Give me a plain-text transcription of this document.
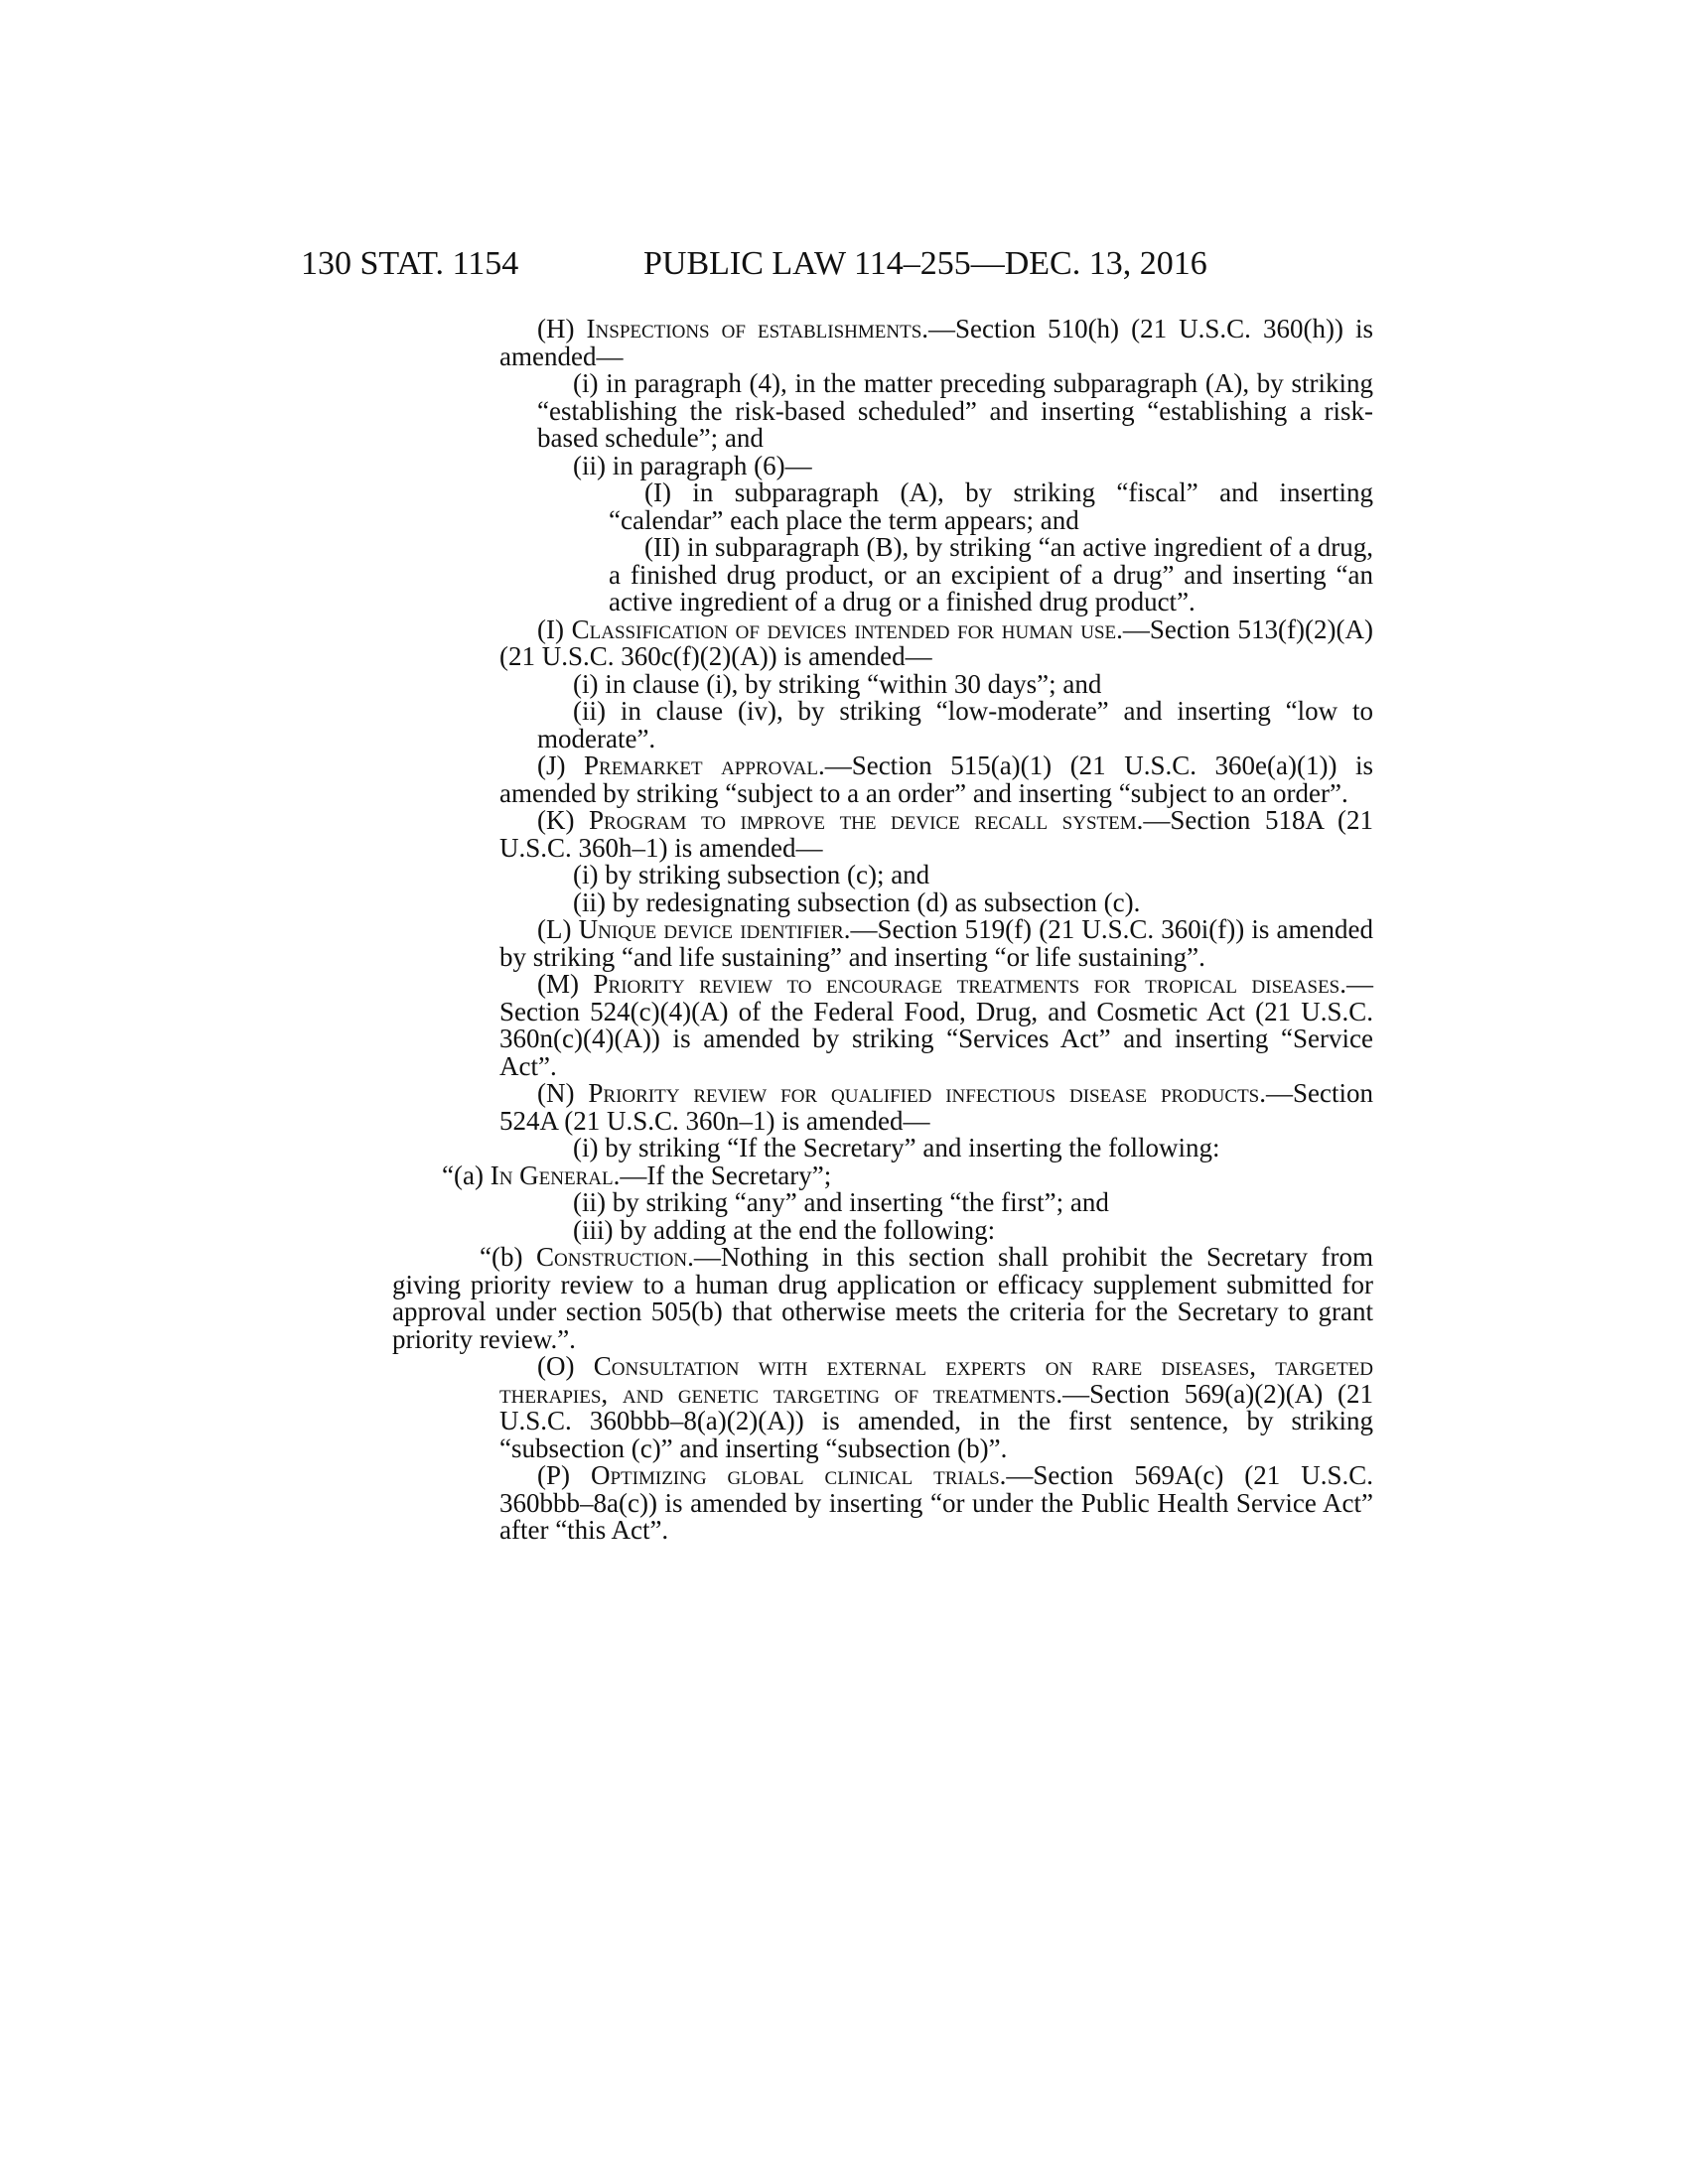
130 STAT. 1154	PUBLIC LAW 114–255—DEC. 13, 2016

(H) Inspections of establishments.—Section 510(h) (21 U.S.C. 360(h)) is amended—

(i) in paragraph (4), in the matter preceding subparagraph (A), by striking “establishing the risk-based scheduled” and inserting “establishing a risk-based schedule”; and

(ii) in paragraph (6)—

(I) in subparagraph (A), by striking “fiscal” and inserting “calendar” each place the term appears; and

(II) in subparagraph (B), by striking “an active ingredient of a drug, a finished drug product, or an excipient of a drug” and inserting “an active ingredient of a drug or a finished drug product”.

(I) Classification of devices intended for human use.—Section 513(f)(2)(A) (21 U.S.C. 360c(f)(2)(A)) is amended—

(i) in clause (i), by striking “within 30 days”; and

(ii) in clause (iv), by striking “low-moderate” and inserting “low to moderate”.

(J) Premarket approval.—Section 515(a)(1) (21 U.S.C. 360e(a)(1)) is amended by striking “subject to a an order” and inserting “subject to an order”.

(K) Program to improve the device recall system.—Section 518A (21 U.S.C. 360h–1) is amended—

(i) by striking subsection (c); and

(ii) by redesignating subsection (d) as subsection (c).

(L) Unique device identifier.—Section 519(f) (21 U.S.C. 360i(f)) is amended by striking “and life sustaining” and inserting “or life sustaining”.

(M) Priority review to encourage treatments for tropical diseases.—Section 524(c)(4)(A) of the Federal Food, Drug, and Cosmetic Act (21 U.S.C. 360n(c)(4)(A)) is amended by striking “Services Act” and inserting “Service Act”.

(N) Priority review for qualified infectious disease products.—Section 524A (21 U.S.C. 360n–1) is amended—

(i) by striking “If the Secretary” and inserting the following:

“(a) In General.—If the Secretary”;

(ii) by striking “any” and inserting “the first”; and

(iii) by adding at the end the following:

“(b) Construction.—Nothing in this section shall prohibit the Secretary from giving priority review to a human drug application or efficacy supplement submitted for approval under section 505(b) that otherwise meets the criteria for the Secretary to grant priority review.”.

(O) Consultation with external experts on rare diseases, targeted therapies, and genetic targeting of treatments.—Section 569(a)(2)(A) (21 U.S.C. 360bbb–8(a)(2)(A)) is amended, in the first sentence, by striking “subsection (c)” and inserting “subsection (b)”.

(P) Optimizing global clinical trials.—Section 569A(c) (21 U.S.C. 360bbb–8a(c)) is amended by inserting “or under the Public Health Service Act” after “this Act”.
